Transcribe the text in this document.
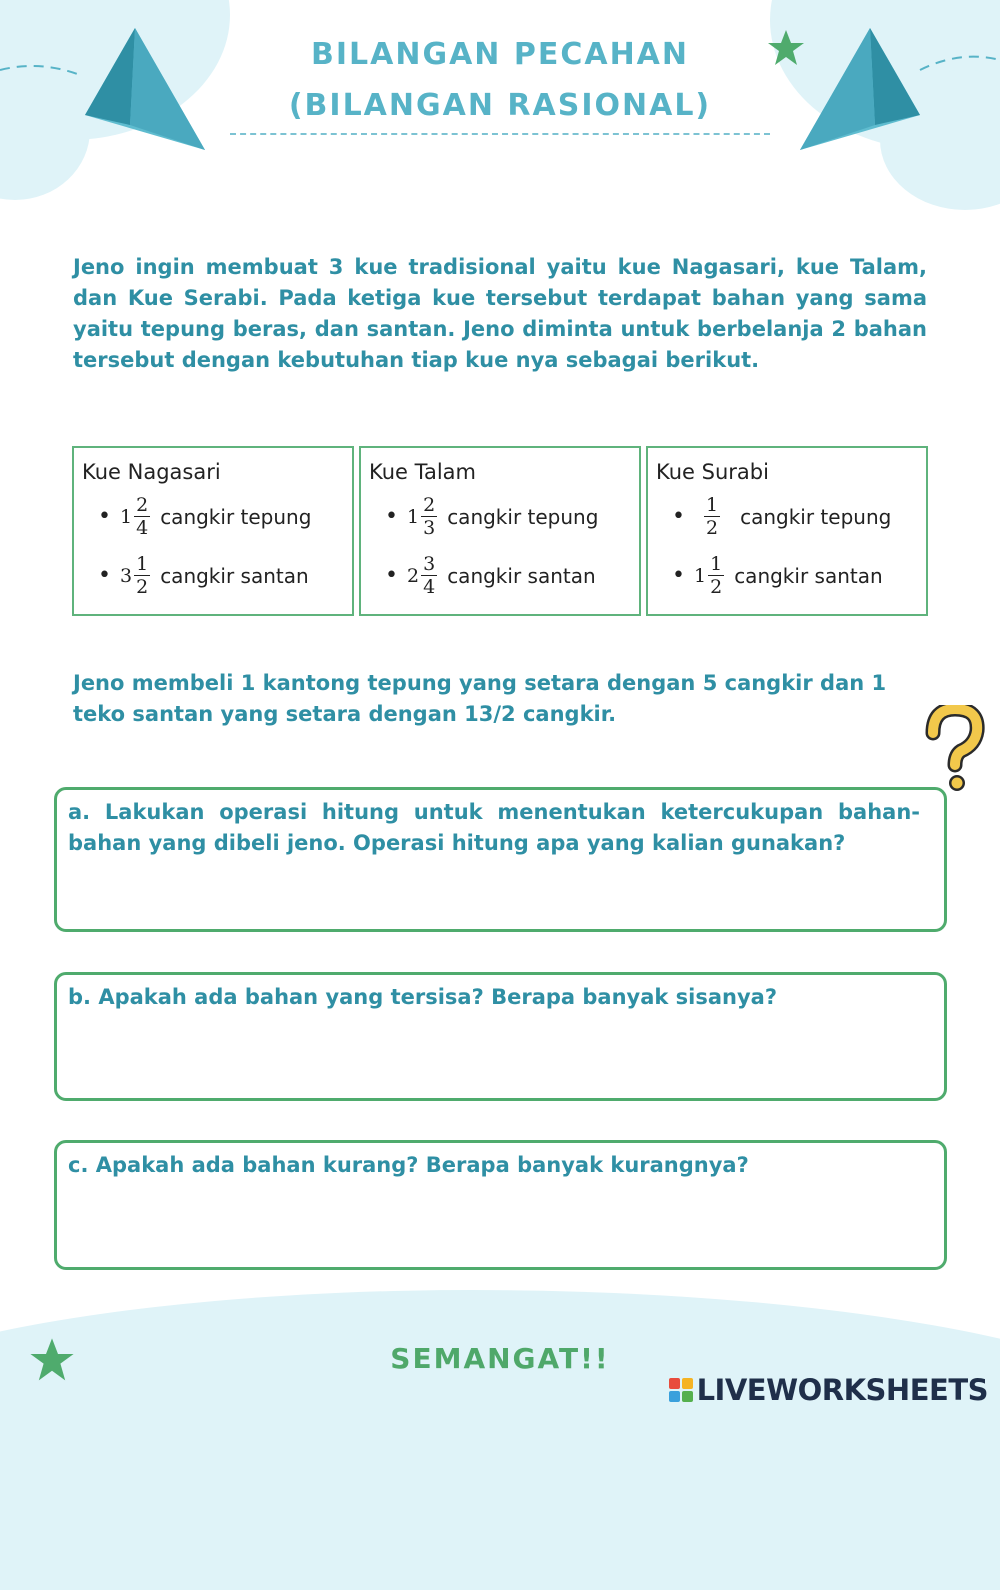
BILANGAN PECAHAN
(BILANGAN RASIONAL)
Jeno ingin membuat 3 kue tradisional yaitu kue Nagasari, kue Talam, dan Kue Serabi. Pada ketiga kue tersebut terdapat bahan yang sama yaitu tepung beras, dan santan. Jeno diminta untuk berbelanja 2 bahan tersebut dengan kebutuhan tiap kue nya sebagai berikut.
Kue Nagasari
• $1 \frac{2}{4}$ cangkir tepung
• $3 \frac{1}{2}$ cangkir santan
Kue Talam
• $1 \frac{2}{3}$ cangkir tepung
• $2 \frac{3}{4}$ cangkir santan
Kue Surabi
• $\frac{1}{2}$ cangkir tepung
• $1 \frac{1}{2}$ cangkir santan
Jeno membeli 1 kantong tepung yang setara dengan 5 cangkir dan 1 teko santan yang setara dengan 13/2 cangkir.
a. Lakukan operasi hitung untuk menentukan ketercukupan bahan-bahan yang dibeli jeno. Operasi hitung apa yang kalian gunakan?
b. Apakah ada bahan yang tersisa? Berapa banyak sisanya?
c. Apakah ada bahan kurang? Berapa banyak kurangnya?
SEMANGAT!!
LIVEWORKSHEETS
